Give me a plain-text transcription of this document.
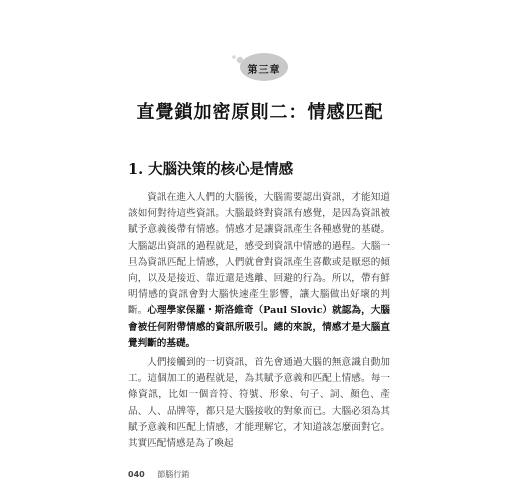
第三章
直覺鎖加密原則二：情感匹配
1. 大腦決策的核心是情感

資訊在進入人們的大腦後，大腦需要認出資訊，才能知道該如何對待這些資訊。大腦最終對資訊有感覺，是因為資訊被賦予意義後帶有情感。情感才是讓資訊產生各種感覺的基礎。大腦認出資訊的過程就是，感受到資訊中情感的過程。大腦一旦為資訊匹配上情感，人們就會對資訊產生喜歡或是厭惡的傾向，以及是接近、靠近還是逃離、回避的行為。所以，帶有鮮明情感的資訊會對大腦快速產生影響，讓大腦做出好壞的判斷。心理學家保羅・斯洛維奇（Paul Slovic）就認為，大腦會被任何附帶情感的資訊所吸引。總的來說，情感才是大腦直覺判斷的基礎。

人們接觸到的一切資訊，首先會通過大腦的無意識自動加工。這個加工的過程就是，為其賦予意義和匹配上情感。每一條資訊，比如一個音符、符號、形象、句子、詞、顏色、產品、人、品牌等，都只是大腦接收的對象而已。大腦必須為其賦予意義和匹配上情感，才能理解它，才知道該怎麼面對它。其實匹配情感是為了喚起

040 節腦行銷
